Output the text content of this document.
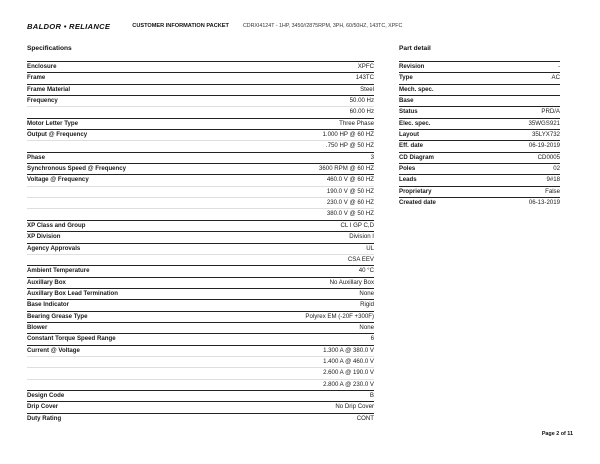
BALDOR • RELIANCE	CUSTOMER INFORMATION PACKET	CDRXI4124T - 1HP, 3450//2875RPM, 3PH, 60/50HZ, 143TC, XPFC
Specifications	Part detail
Enclosure	XPFC
Frame	143TC
Frame Material	Steel
Frequency	50.00 Hz
	60.00 Hz
Motor Letter Type	Three Phase
Output @ Frequency	1.000 HP @ 60 HZ
	.750 HP @ 50 HZ
Phase	3
Synchronous Speed @ Frequency	3600 RPM @ 60 HZ
Voltage @ Frequency	460.0 V @ 60 HZ
	190.0 V @ 50 HZ
	230.0 V @ 60 HZ
	380.0 V @ 50 HZ
XP Class and Group	CL I GP C,D
XP Division	Division I
Agency Approvals	UL
	CSA EEV
Ambient Temperature	40 °C
Auxillary Box	No Auxillary Box
Auxillary Box Lead Termination	None
Base Indicator	Rigid
Bearing Grease Type	Polyrex EM (-20F +300F)
Blower	None
Constant Torque Speed Range	6
Current @ Voltage	1.300 A @ 380.0 V
	1.400 A @ 460.0 V
	2.600 A @ 190.0 V
	2.800 A @ 230.0 V
Design Code	B
Drip Cover	No Drip Cover
Duty Rating	CONT
Revision	-
Type	AC
Mech. spec.	
Base	
Status	PRD/A
Elec. spec.	35WGS921
Layout	35LYX732
Eff. date	06-19-2019
CD Diagram	CD0005
Poles	02
Leads	9#18
Proprietary	False
Created date	06-13-2019
Page 2 of 11
